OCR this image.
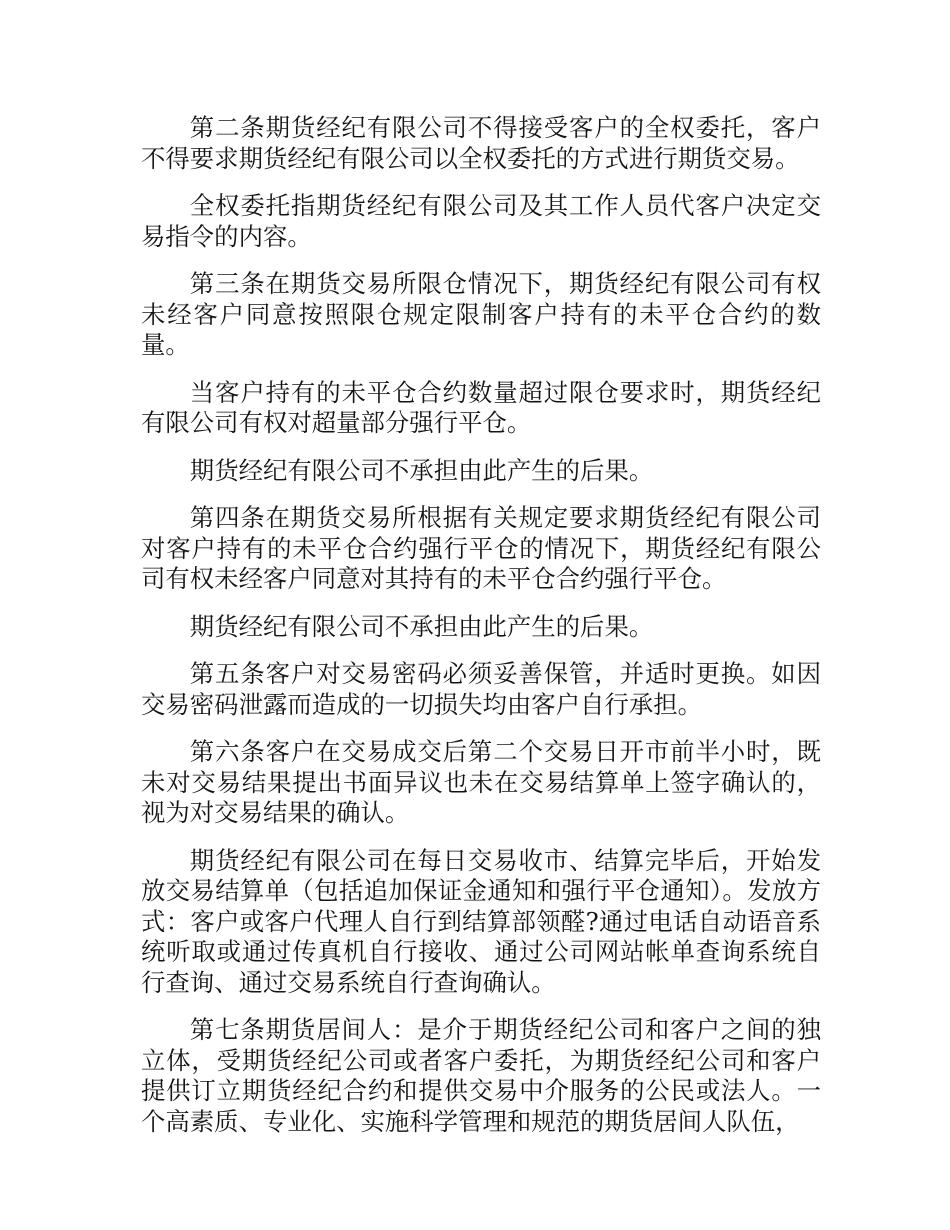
第二条期货经纪有限公司不得接受客户的全权委托，客户不得要求期货经纪有限公司以全权委托的方式进行期货交易。

全权委托指期货经纪有限公司及其工作人员代客户决定交易指令的内容。

第三条在期货交易所限仓情况下，期货经纪有限公司有权未经客户同意按照限仓规定限制客户持有的未平仓合约的数量。

当客户持有的未平仓合约数量超过限仓要求时，期货经纪有限公司有权对超量部分强行平仓。

期货经纪有限公司不承担由此产生的后果。

第四条在期货交易所根据有关规定要求期货经纪有限公司对客户持有的未平仓合约强行平仓的情况下，期货经纪有限公司有权未经客户同意对其持有的未平仓合约强行平仓。

期货经纪有限公司不承担由此产生的后果。

第五条客户对交易密码必须妥善保管，并适时更换。如因交易密码泄露而造成的一切损失均由客户自行承担。

第六条客户在交易成交后第二个交易日开市前半小时，既未对交易结果提出书面异议也未在交易结算单上签字确认的，视为对交易结果的确认。

期货经纪有限公司在每日交易收市、结算完毕后，开始发放交易结算单（包括追加保证金通知和强行平仓通知）。发放方式：客户或客户代理人自行到结算部领醛?通过电话自动语音系统听取或通过传真机自行接收、通过公司网站帐单查询系统自行查询、通过交易系统自行查询确认。

第七条期货居间人：是介于期货经纪公司和客户之间的独立体，受期货经纪公司或者客户委托，为期货经纪公司和客户提供订立期货经纪合约和提供交易中介服务的公民或法人。一个高素质、专业化、实施科学管理和规范的期货居间人队伍，
